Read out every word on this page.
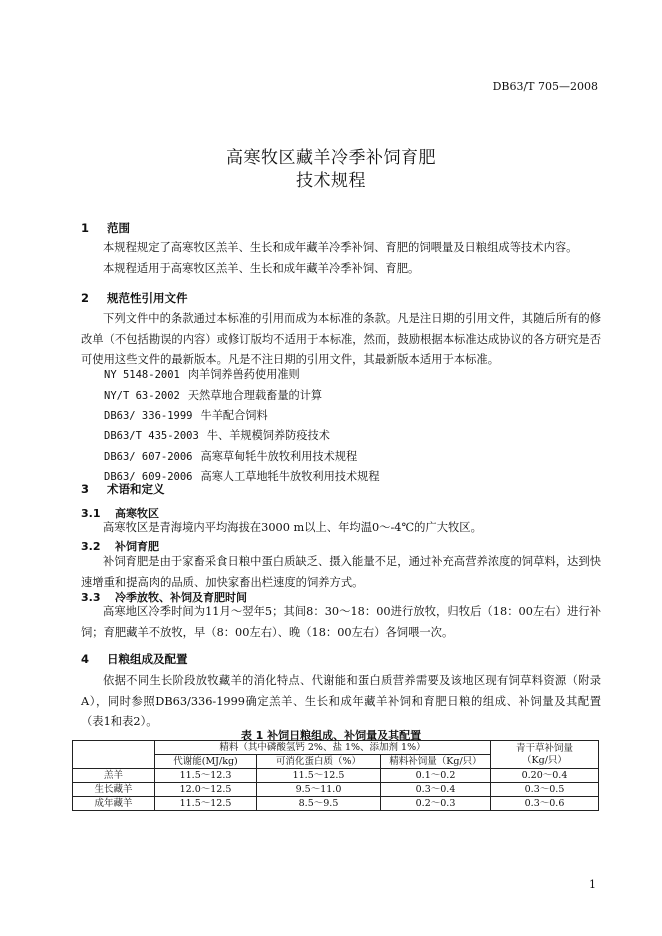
DB63/T 705—2008
高寒牧区藏羊冷季补饲育肥
技术规程
1 范围
本规程规定了高寒牧区羔羊、生长和成年藏羊冷季补饲、育肥的饲喂量及日粮组成等技术内容。
本规程适用于高寒牧区羔羊、生长和成年藏羊冷季补饲、育肥。
2 规范性引用文件
下列文件中的条款通过本标准的引用而成为本标准的条款。凡是注日期的引用文件，其随后所有的修改单（不包括勘误的内容）或修订版均不适用于本标准，然而，鼓励根据本标准达成协议的各方研究是否可使用这些文件的最新版本。凡是不注日期的引用文件，其最新版本适用于本标准。
NY 5148-2001 肉羊饲养兽药使用准则
NY/T 63-2002 天然草地合理载畜量的计算
DB63/ 336-1999 牛羊配合饲料
DB63/T 435-2003 牛、羊规模饲养防疫技术
DB63/ 607-2006 高寒草甸牦牛放牧利用技术规程
DB63/ 609-2006 高寒人工草地牦牛放牧利用技术规程
3 术语和定义
3.1 高寒牧区
高寒牧区是青海境内平均海拔在3000 m以上、年均温0～-4℃的广大牧区。
3.2 补饲育肥
补饲育肥是由于家畜采食日粮中蛋白质缺乏、摄入能量不足，通过补充高营养浓度的饲草料，达到快速增重和提高肉的品质、加快家畜出栏速度的饲养方式。
3.3 冷季放牧、补饲及育肥时间
高寒地区冷季时间为11月～翌年5；其间8：30～18：00进行放牧，归牧后（18：00左右）进行补饲；育肥藏羊不放牧，早（8：00左右）、晚（18：00左右）各饲喂一次。
4 日粮组成及配置
依据不同生长阶段放牧藏羊的消化特点、代谢能和蛋白质营养需要及该地区现有饲草料资源（附录A），同时参照DB63/336-1999确定羔羊、生长和成年藏羊补饲和育肥日粮的组成、补饲量及其配置（表1和表2）。
表 1 补饲日粮组成、补饲量及其配置
	精料（其中磷酸氢钙 2%、盐 1%、添加剂 1%）			青干草补饲量
（Kg/只）

	代谢能(MJ/kg)	可消化蛋白质（%）	精料补饲量（Kg/只）	
羔羊	11.5～12.3	11.5～12.5	0.1～0.2	0.20～0.4
生长藏羊	12.0～12.5	9.5～11.0	0.3～0.4	0.3～0.5
成年藏羊	11.5～12.5	8.5～9.5	0.2～0.3	0.3～0.6
1
